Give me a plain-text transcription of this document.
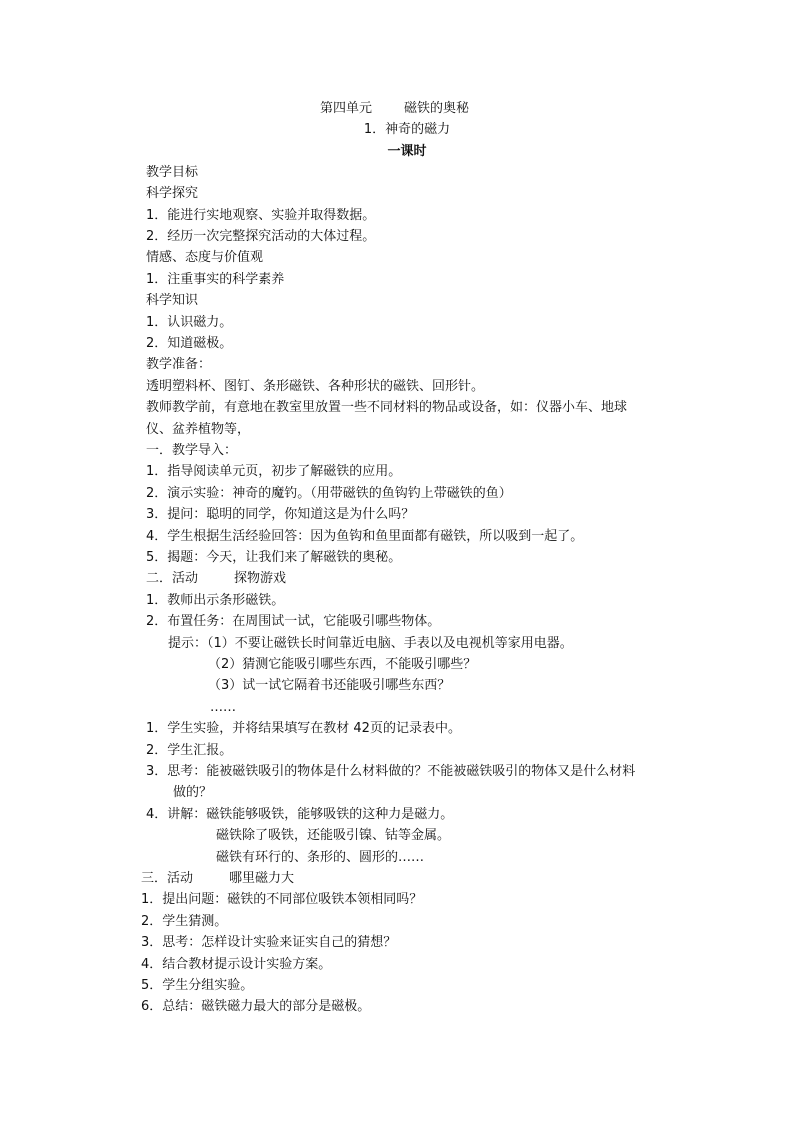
第四单元 磁铁的奥秘
1．神奇的磁力
一课时
教学目标
科学探究
1．能进行实地观察、实验并取得数据。
2．经历一次完整探究活动的大体过程。
情感、态度与价值观
1．注重事实的科学素养
科学知识
1．认识磁力。
2．知道磁极。
教学准备：
透明塑料杯、图钉、条形磁铁、各种形状的磁铁、回形针。
教师教学前，有意地在教室里放置一些不同材料的物品或设备，如：仪器小车、地球
仪、盆养植物等，
一．教学导入：
1．指导阅读单元页，初步了解磁铁的应用。
2．演示实验：神奇的魔钓。（用带磁铁的鱼钩钓上带磁铁的鱼）
3．提问：聪明的同学，你知道这是为什么吗？
4．学生根据生活经验回答：因为鱼钩和鱼里面都有磁铁，所以吸到一起了。
5．揭题：今天，让我们来了解磁铁的奥秘。
二．活动	探物游戏
1．教师出示条形磁铁。
2．布置任务：在周围试一试，它能吸引哪些物体。
提示：（1）不要让磁铁长时间靠近电脑、手表以及电视机等家用电器。
（2）猜测它能吸引哪些东西，不能吸引哪些？
（3）试一试它隔着书还能吸引哪些东西？
……
1．学生实验，并将结果填写在教材 42页的记录表中。
2．学生汇报。
3．思考：能被磁铁吸引的物体是什么材料做的？不能被磁铁吸引的物体又是什么材料
做的？
4．讲解：磁铁能够吸铁，能够吸铁的这种力是磁力。
磁铁除了吸铁，还能吸引镍、钴等金属。
磁铁有环行的、条形的、圆形的……
三．活动	哪里磁力大
1．提出问题：磁铁的不同部位吸铁本领相同吗？
2．学生猜测。
3．思考：怎样设计实验来证实自己的猜想？
4．结合教材提示设计实验方案。
5．学生分组实验。
6．总结：磁铁磁力最大的部分是磁极。
